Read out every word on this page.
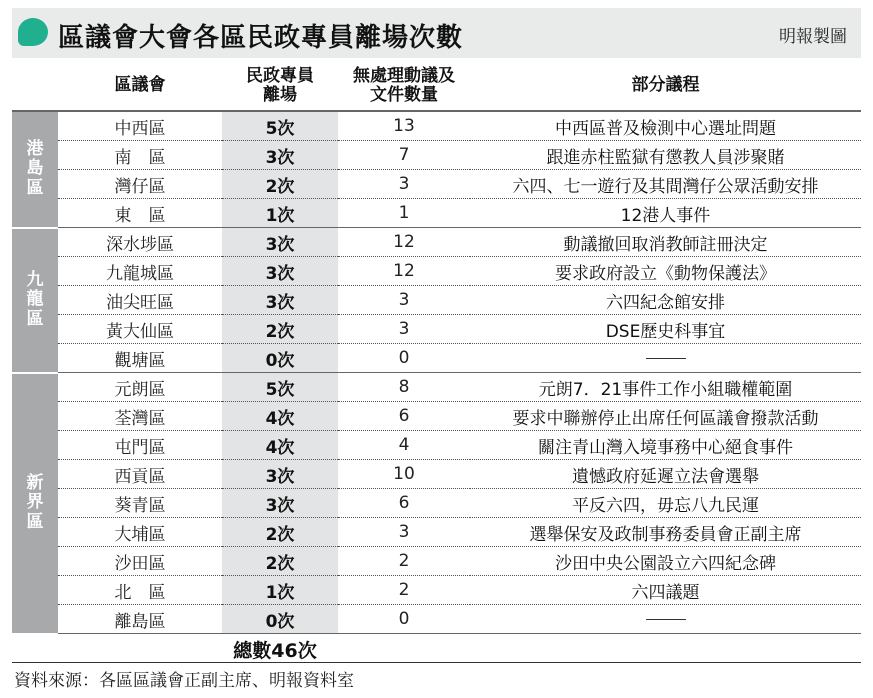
區議會大會各區民政專員離場次數	明報製圖
	區議會	民政專員離場	無處理動議及文件數量	部分議程
港島區	中西區	5次	13	中西區普及檢測中心選址問題
	南　區	3次	7	跟進赤柱監獄有懲教人員涉聚賭
	灣仔區	2次	3	六四、七一遊行及其間灣仔公眾活動安排
	東　區	1次	1	12港人事件
九龍區	深水埗區	3次	12	動議撤回取消教師註冊決定
	九龍城區	3次	12	要求政府設立《動物保護法》
	油尖旺區	3次	3	六四紀念館安排
	黃大仙區	2次	3	DSE歷史科事宜
	觀塘區	0次	0	
新界區	元朗區	5次	8	元朗7．21事件工作小組職權範圍
	荃灣區	4次	6	要求中聯辦停止出席任何區議會撥款活動
	屯門區	4次	4	關注青山灣入境事務中心絕食事件
	西貢區	3次	10	遺憾政府延遲立法會選舉
	葵青區	3次	6	平反六四，毋忘八九民運
	大埔區	2次	3	選舉保安及政制事務委員會正副主席
	沙田區	2次	2	沙田中央公園設立六四紀念碑
	北　區	1次	2	六四議題
	離島區	0次	0	
總數46次
資料來源：各區區議會正副主席、明報資料室
